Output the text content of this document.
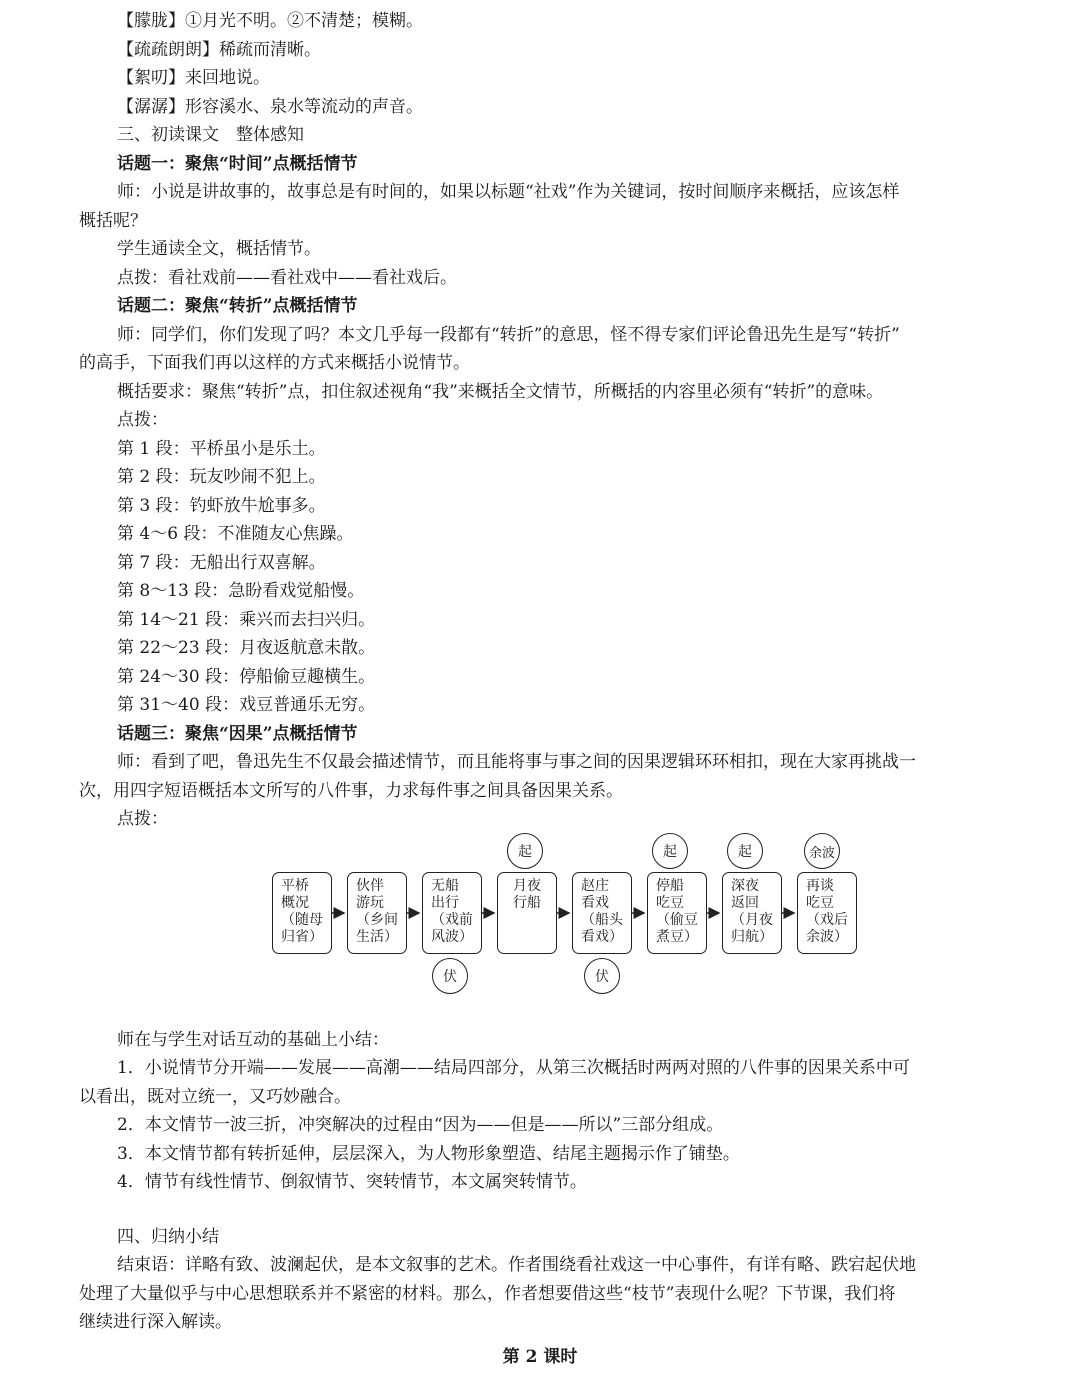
【朦胧】①月光不明。②不清楚；模糊。
【疏疏朗朗】稀疏而清晰。
【絮叨】来回地说。
【潺潺】形容溪水、泉水等流动的声音。
三、初读课文　整体感知
话题一：聚焦“时间”点概括情节
师：小说是讲故事的，故事总是有时间的，如果以标题“社戏”作为关键词，按时间顺序来概括，应该怎样
概括呢？
学生通读全文，概括情节。
点拨：看社戏前——看社戏中——看社戏后。
话题二：聚焦“转折”点概括情节
师：同学们，你们发现了吗？本文几乎每一段都有“转折”的意思，怪不得专家们评论鲁迅先生是写“转折”
的高手，下面我们再以这样的方式来概括小说情节。
概括要求：聚焦“转折”点，扣住叙述视角“我”来概括全文情节，所概括的内容里必须有“转折”的意味。
点拨：
第 1 段：平桥虽小是乐土。
第 2 段：玩友吵闹不犯上。
第 3 段：钓虾放牛尬事多。
第 4～6 段：不准随友心焦躁。
第 7 段：无船出行双喜解。
第 8～13 段：急盼看戏觉船慢。
第 14～21 段：乘兴而去扫兴归。
第 22～23 段：月夜返航意未散。
第 24～30 段：停船偷豆趣横生。
第 31～40 段：戏豆普通乐无穷。
话题三：聚焦“因果”点概括情节
师：看到了吧，鲁迅先生不仅最会描述情节，而且能将事与事之间的因果逻辑环环相扣，现在大家再挑战一
次，用四字短语概括本文所写的八件事，力求每件事之间具备因果关系。
点拨：
平桥
概况
（随母
归省）
伙伴
游玩
（乡间
生活）
无船
出行
（戏前
风波）
月夜
行船
赵庄
看戏
（船头
看戏）
停船
吃豆
（偷豆
煮豆）
深夜
返回
（月夜
归航）
再谈
吃豆
（戏后
余波）
起	起	起	余波
伏	伏
师在与学生对话互动的基础上小结：
1．小说情节分开端——发展——高潮——结局四部分，从第三次概括时两两对照的八件事的因果关系中可
以看出，既对立统一，又巧妙融合。
2．本文情节一波三折，冲突解决的过程由“因为——但是——所以”三部分组成。
3．本文情节都有转折延伸，层层深入，为人物形象塑造、结尾主题揭示作了铺垫。
4．情节有线性情节、倒叙情节、突转情节，本文属突转情节。
四、归纳小结
结束语：详略有致、波澜起伏，是本文叙事的艺术。作者围绕看社戏这一中心事件，有详有略、跌宕起伏地
处理了大量似乎与中心思想联系并不紧密的材料。那么，作者想要借这些“枝节”表现什么呢？下节课，我们将
继续进行深入解读。
第 2 课时
